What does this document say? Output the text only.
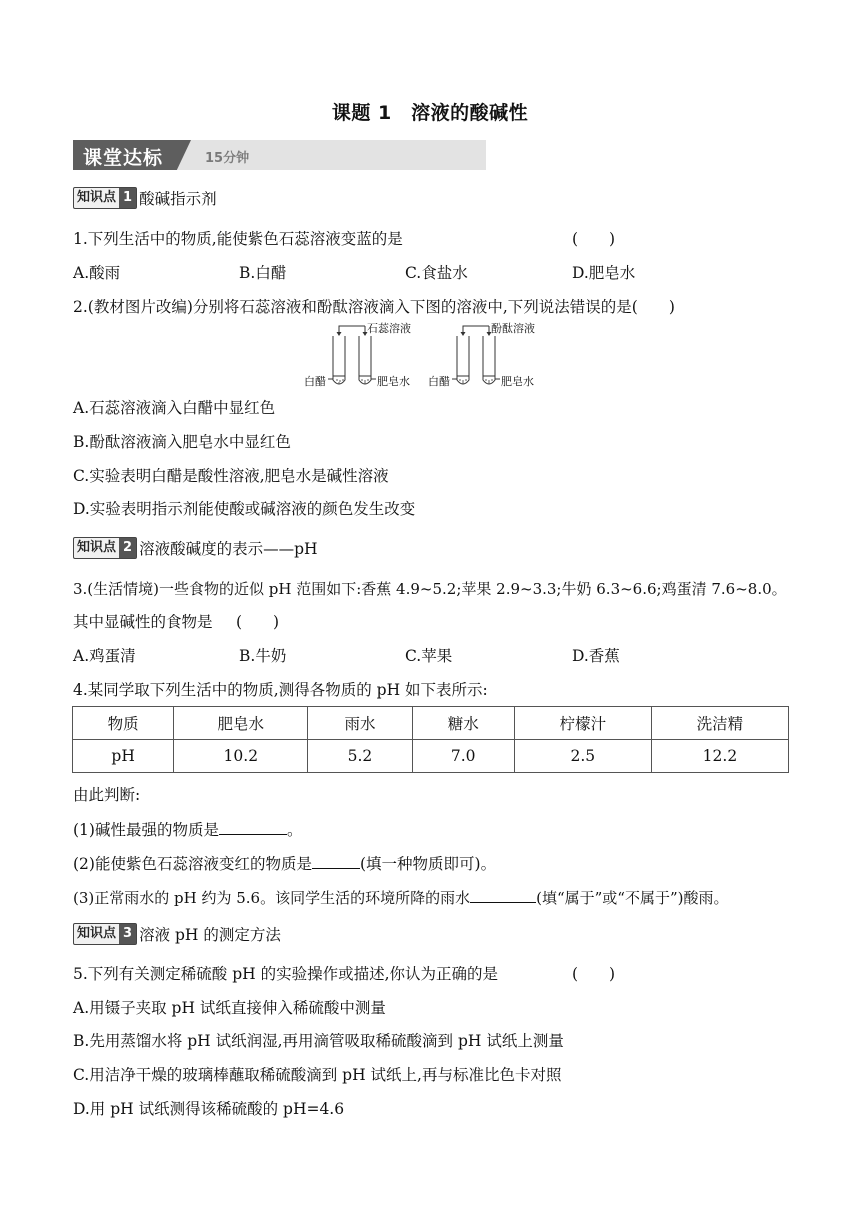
课题 1　溶液的酸碱性
课堂达标	15分钟
知识点 1 酸碱指示剂
1.下列生活中的物质,能使紫色石蕊溶液变蓝的是	(　　)
A.酸雨	B.白醋	C.食盐水	D.肥皂水
2.(教材图片改编)分别将石蕊溶液和酚酞溶液滴入下图的溶液中,下列说法错误的是(　　)
石蕊溶液	酚酞溶液
白醋	肥皂水 白醋	肥皂水
A.石蕊溶液滴入白醋中显红色
B.酚酞溶液滴入肥皂水中显红色
C.实验表明白醋是酸性溶液,肥皂水是碱性溶液
D.实验表明指示剂能使酸或碱溶液的颜色发生改变
知识点 2 溶液酸碱度的表示——pH
3.(生活情境)一些食物的近似 pH 范围如下:香蕉 4.9~5.2;苹果 2.9~3.3;牛奶 6.3~6.6;鸡蛋清 7.6~8.0。
其中显碱性的食物是 (　　)
A.鸡蛋清	B.牛奶	C.苹果	D.香蕉
4.某同学取下列生活中的物质,测得各物质的 pH 如下表所示:
物质	肥皂水	雨水	糖水	柠檬汁	洗洁精
pH	10.2	5.2	7.0	2.5	12.2
由此判断:
(1)碱性最强的物质是	。
(2)能使紫色石蕊溶液变红的物质是	(填一种物质即可)。
(3)正常雨水的 pH 约为 5.6。该同学生活的环境所降的雨水	(填“属于”或“不属于”)酸雨。
知识点 3 溶液 pH 的测定方法
5.下列有关测定稀硫酸 pH 的实验操作或描述,你认为正确的是	(　　)
A.用镊子夹取 pH 试纸直接伸入稀硫酸中测量
B.先用蒸馏水将 pH 试纸润湿,再用滴管吸取稀硫酸滴到 pH 试纸上测量
C.用洁净干燥的玻璃棒蘸取稀硫酸滴到 pH 试纸上,再与标准比色卡对照
D.用 pH 试纸测得该稀硫酸的 pH=4.6
